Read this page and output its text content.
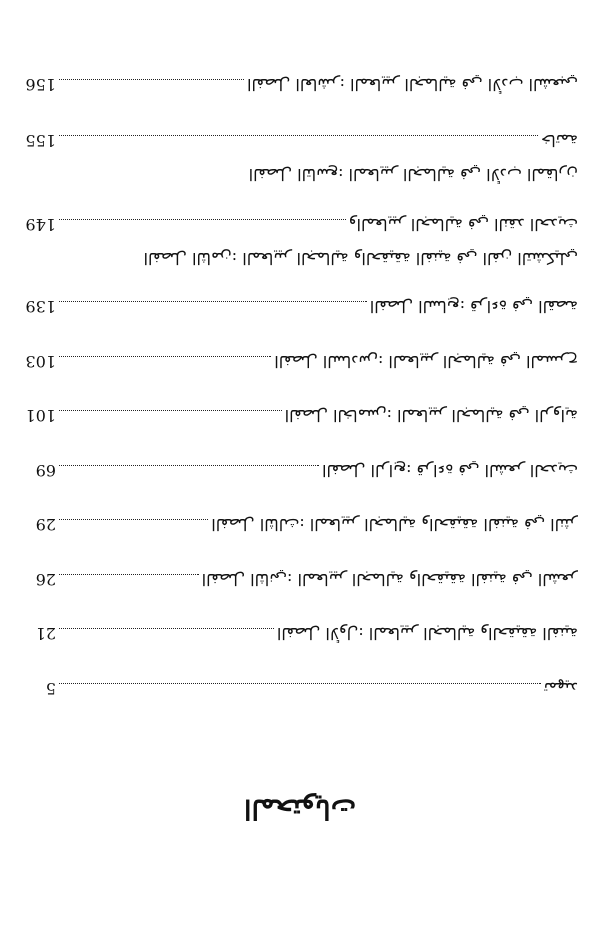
المحتويات
تمهيد
5
الفصل الأول: المعايير الجمالية والحقيقة الفنية
21
الفصل الثاني: المعايير الجمالية والحقيقة الفنية في الشعر
26
الفصل الثالث: المعايير الجمالية والحقيقة الفنية في النثر
29
الفصل الرابع: قراءة في الشعر الحديث
69
الفصل الخامس: المعايير الجمالية في الرواية
101
الفصل السادس: المعايير الجمالية في المسرح
103
الفصل السابع: قراءة في القصة
139
الفصل الثامن: المعايير الجمالية والحقيقة الفنية في الفن التشكيلي
والمعايير الجمالية في النقد الحديث
149
الفصل التاسع: المعايير الجمالية في الأدب المقارن
خاتمة
155
الفصل العاشر: المعايير الجمالية في الأدب الشعبي
156
